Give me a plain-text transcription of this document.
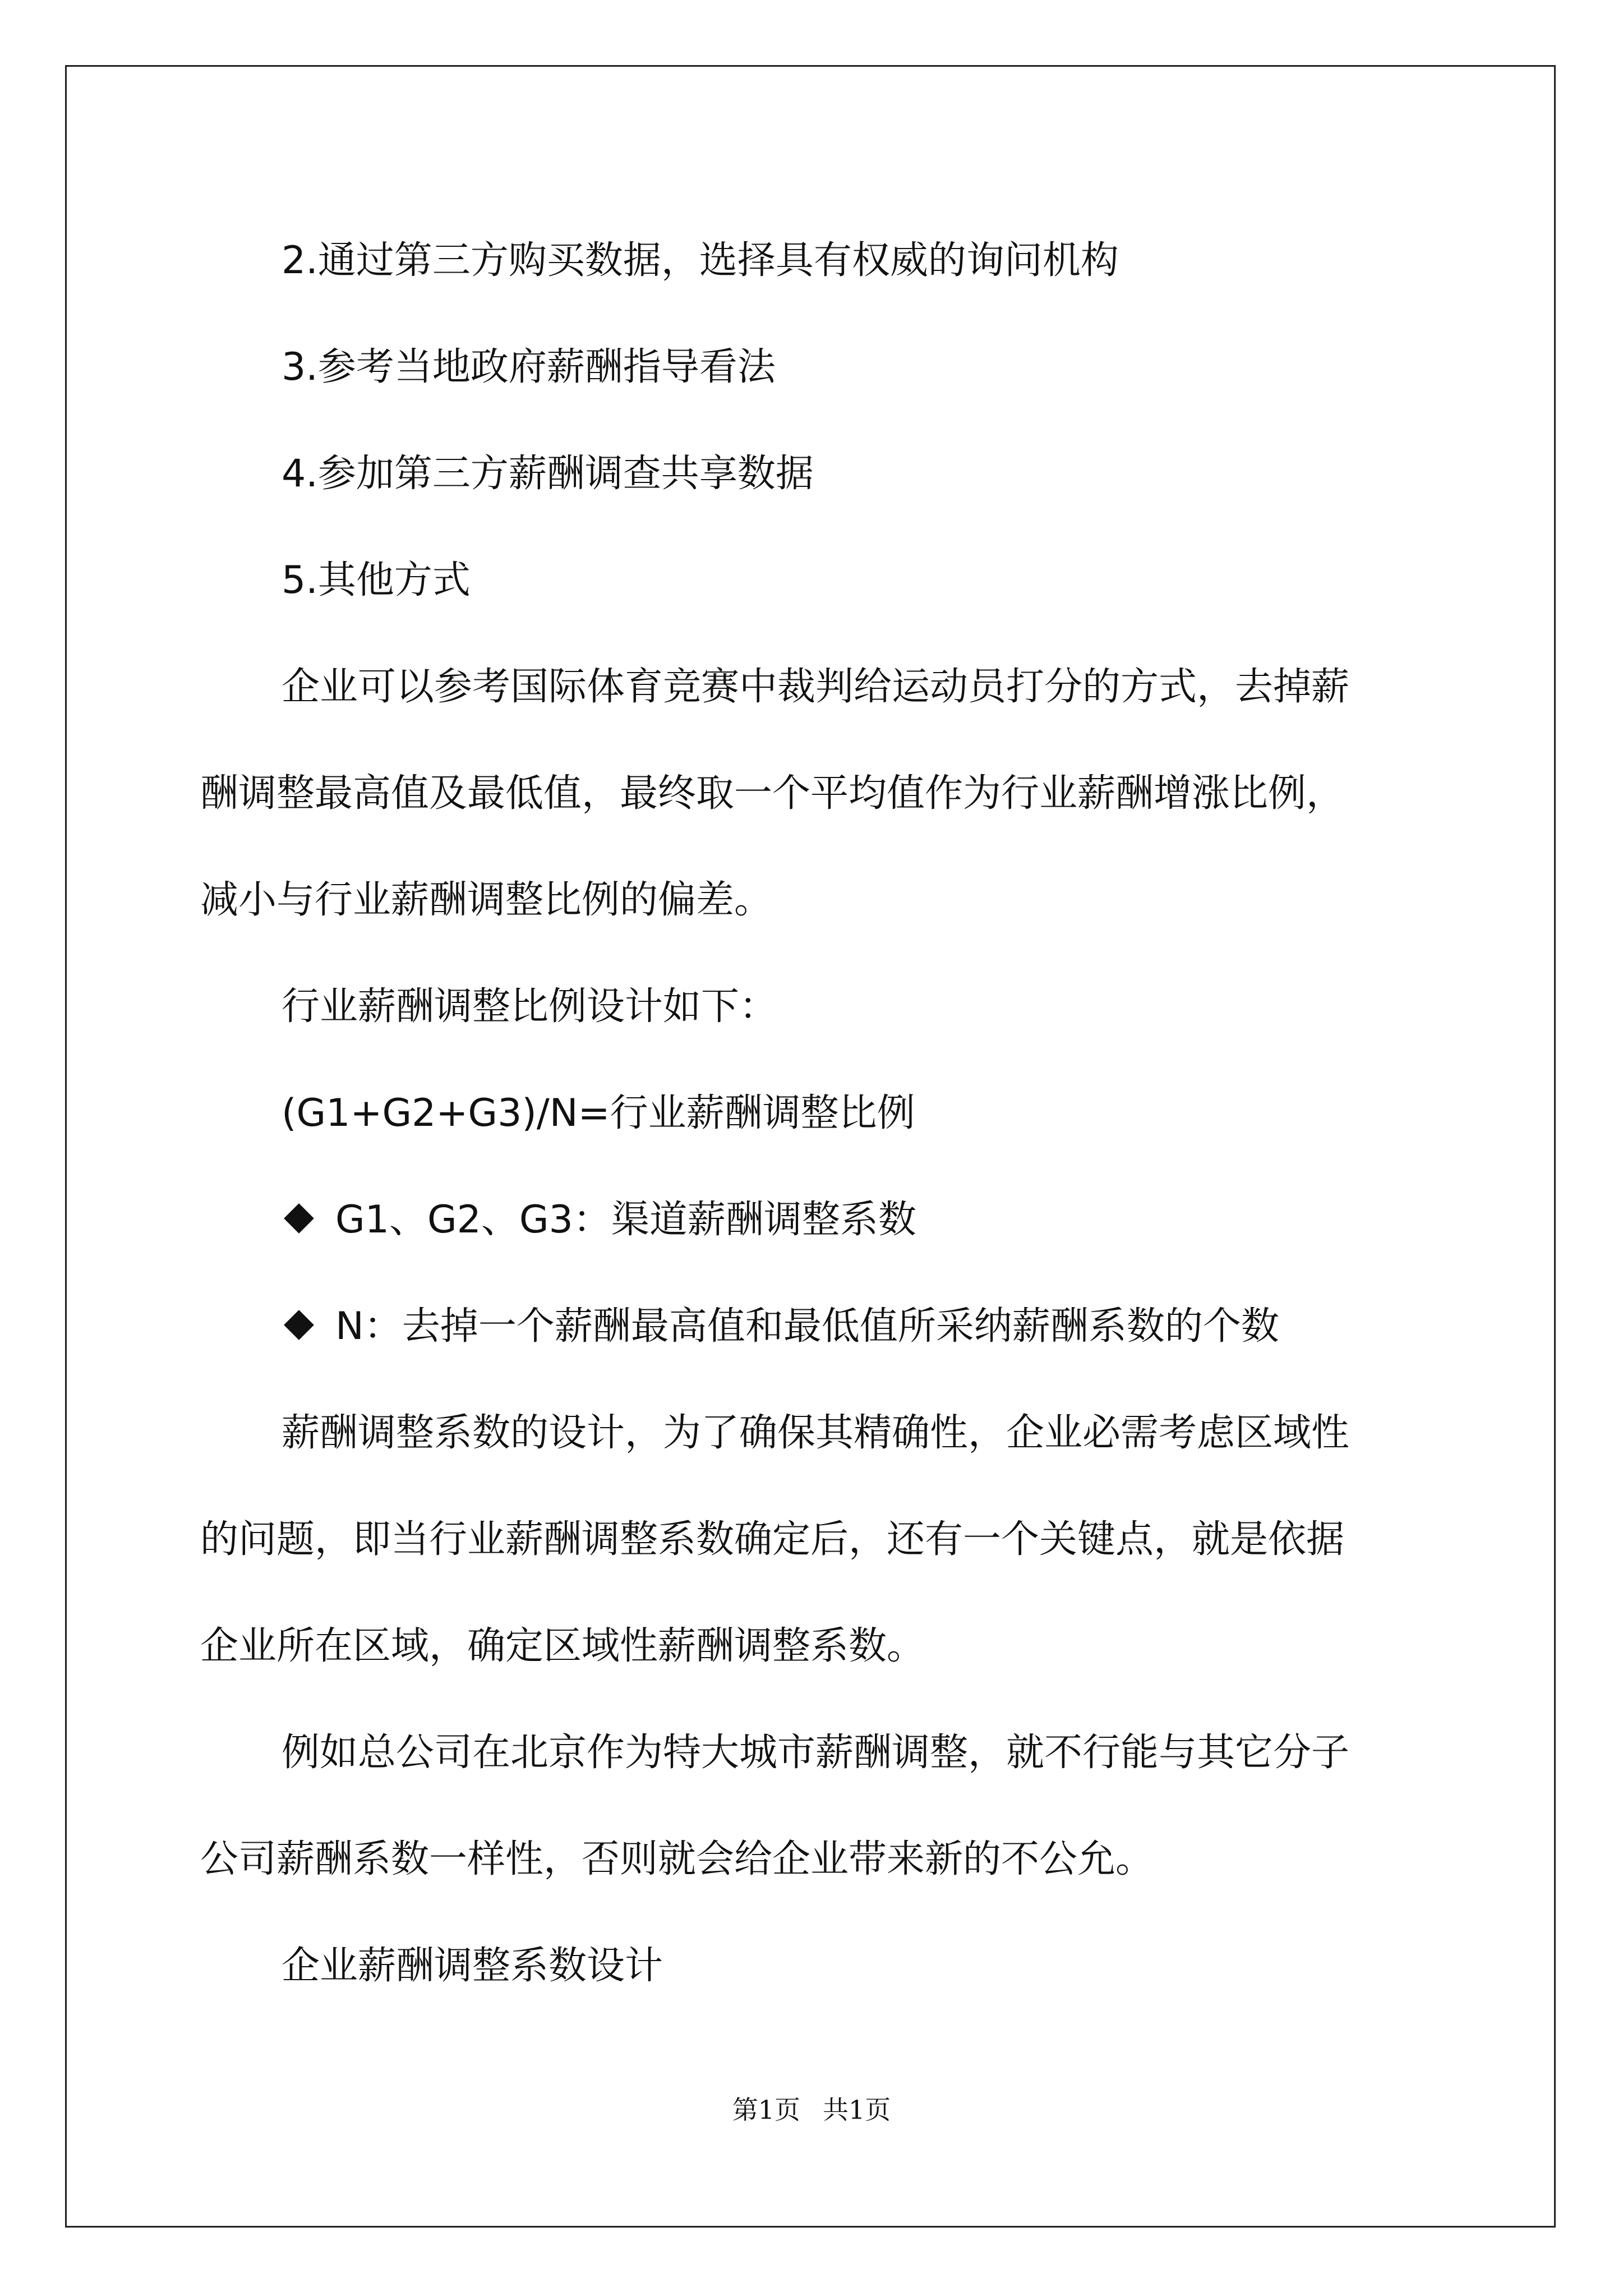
2.通过第三方购买数据，选择具有权威的询问机构

3.参考当地政府薪酬指导看法

4.参加第三方薪酬调查共享数据

5.其他方式

企业可以参考国际体育竞赛中裁判给运动员打分的方式，去掉薪
酬调整最高值及最低值，最终取一个平均值作为行业薪酬增涨比例，
减小与行业薪酬调整比例的偏差。

行业薪酬调整比例设计如下：

(G1+G2+G3)/N=行业薪酬调整比例

G1、G2、G3：渠道薪酬调整系数
N：去掉一个薪酬最高值和最低值所采纳薪酬系数的个数
薪酬调整系数的设计，为了确保其精确性，企业必需考虑区域性
的问题，即当行业薪酬调整系数确定后，还有一个关键点，就是依据
企业所在区域，确定区域性薪酬调整系数。
例如总公司在北京作为特大城市薪酬调整，就不行能与其它分子
公司薪酬系数一样性，否则就会给企业带来新的不公允。

企业薪酬调整系数设计

第1页 共1页
